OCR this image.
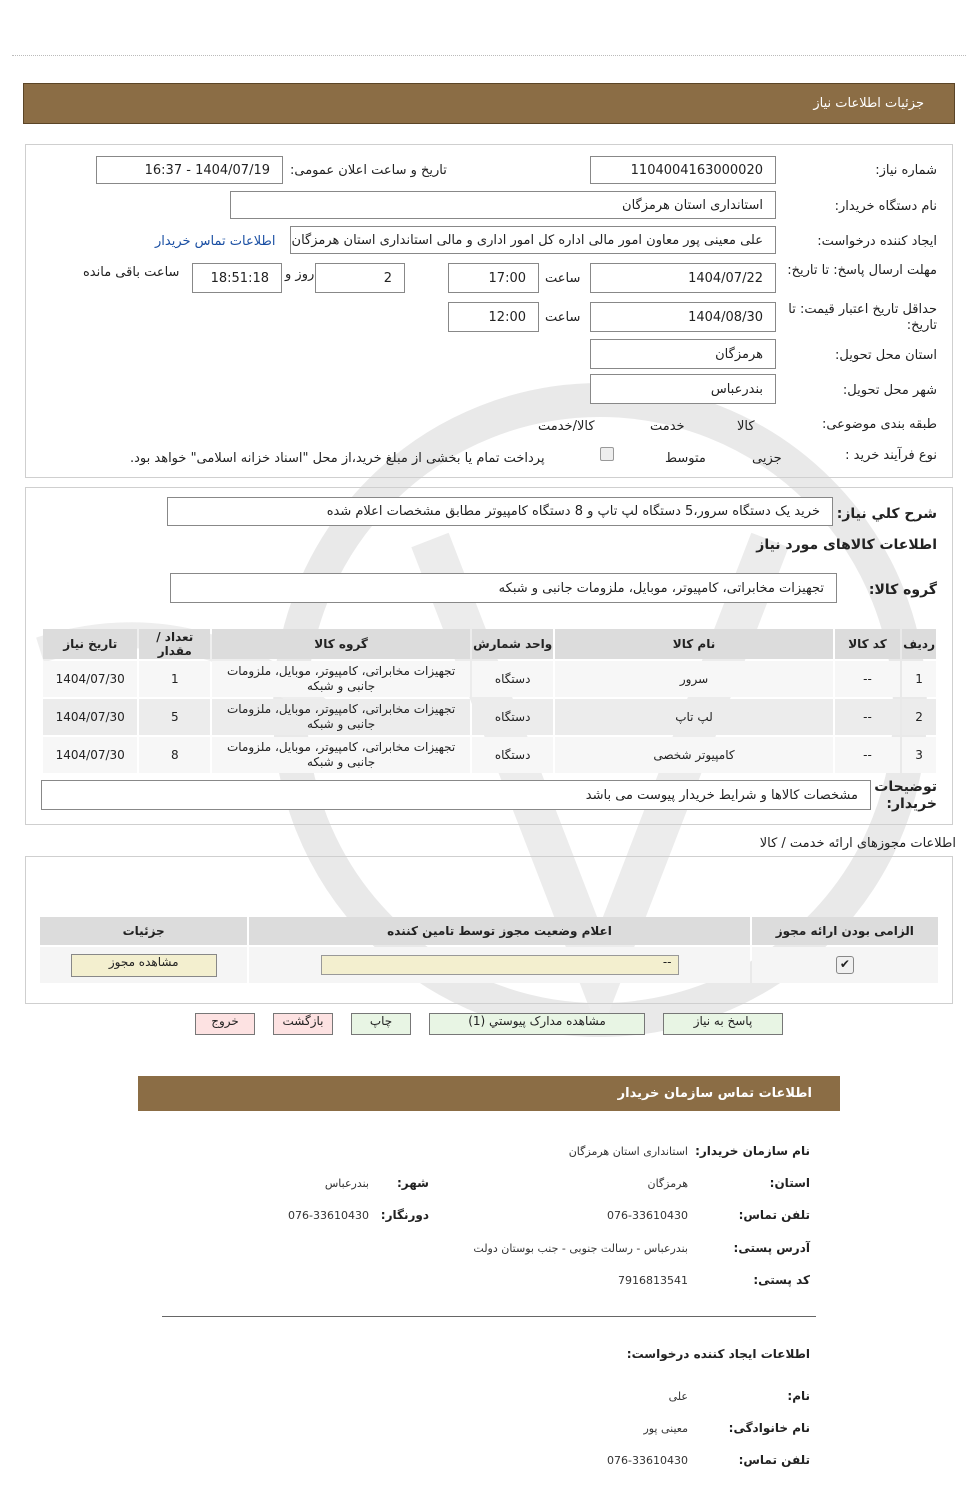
جزئیات اطلاعات نیاز
شماره نیاز:
1104004163000020
تاریخ و ساعت اعلان عمومی:
1404/07/19 - 16:37
نام دستگاه خریدار:
استانداری استان هرمزگان
ایجاد کننده درخواست:
علی معینی پور معاون امور مالی اداره کل امور اداری و مالی استانداری استان هرمزگان
اطلاعات تماس خریدار
مهلت ارسال پاسخ: تا تاریخ:
1404/07/22
ساعت
17:00
2
روز و
18:51:18
ساعت باقی مانده
حداقل تاریخ اعتبار قیمت: تا تاریخ:
1404/08/30
ساعت
12:00
استان محل تحویل:
هرمزگان
شهر محل تحویل:
بندرعباس
طبقه بندی موضوعی:

کالا

خدمت

کالا/خدمت
نوع فرآیند خرید :

جزیی
متوسط
پرداخت تمام یا بخشی از مبلغ خرید،از محل "اسناد خزانه اسلامی" خواهد بود.
شرح کلي نياز:
خرید یک دستگاه سرور،5 دستگاه لپ تاپ و 8 دستگاه کامپیوتر مطابق مشخصات اعلام شده
اطلاعات کالاهای مورد نياز
گروه کالا:
تجهیزات مخابراتی، کامپیوتر، موبایل، ملزومات جانبی و شبکه
ردیف	کد کالا	نام کالا	واحد شمارش	گروه کالا	تعداد / مقدار	تاریخ نیاز
1	--	سرور	دستگاه	تجهیزات مخابراتی، کامپیوتر، موبایل، ملزومات جانبی و شبکه	1	1404/07/30
2	--	لپ تاپ	دستگاه	تجهیزات مخابراتی، کامپیوتر، موبایل، ملزومات جانبی و شبکه	5	1404/07/30
3	--	کامپیوتر شخصی	دستگاه	تجهیزات مخابراتی، کامپیوتر، موبایل، ملزومات جانبی و شبکه	8	1404/07/30
توضیحات خریدار:
مشخصات کالاها و شرایط خریدار پیوست می باشد
اطلاعات مجوزهای ارائه خدمت / کالا
الزامی بودن ارائه مجوز	اعلام وضعیت مجوز توسط تامین کننده	جزئیات
✔	--	مشاهده مجوز
پاسخ به نیاز
مشاهده مدارک پیوستي (1)
چاپ
بازگشت
خروج
اطلاعات تماس سازمان خریدار
نام سازمان خریدار:
استانداری استان هرمزگان
استان:
هرمزگان
شهر:
بندرعباس
تلفن تماس:
076-33610430
دورنگار:
076-33610430
آدرس پستی:
بندرعباس - رسالت جنوبی - جنب بوستان دولت
کد پستی:
7916813541
اطلاعات ایجاد کننده درخواست:
نام:
علی
نام خانوادگی:
معینی پور
تلفن تماس:
076-33610430
